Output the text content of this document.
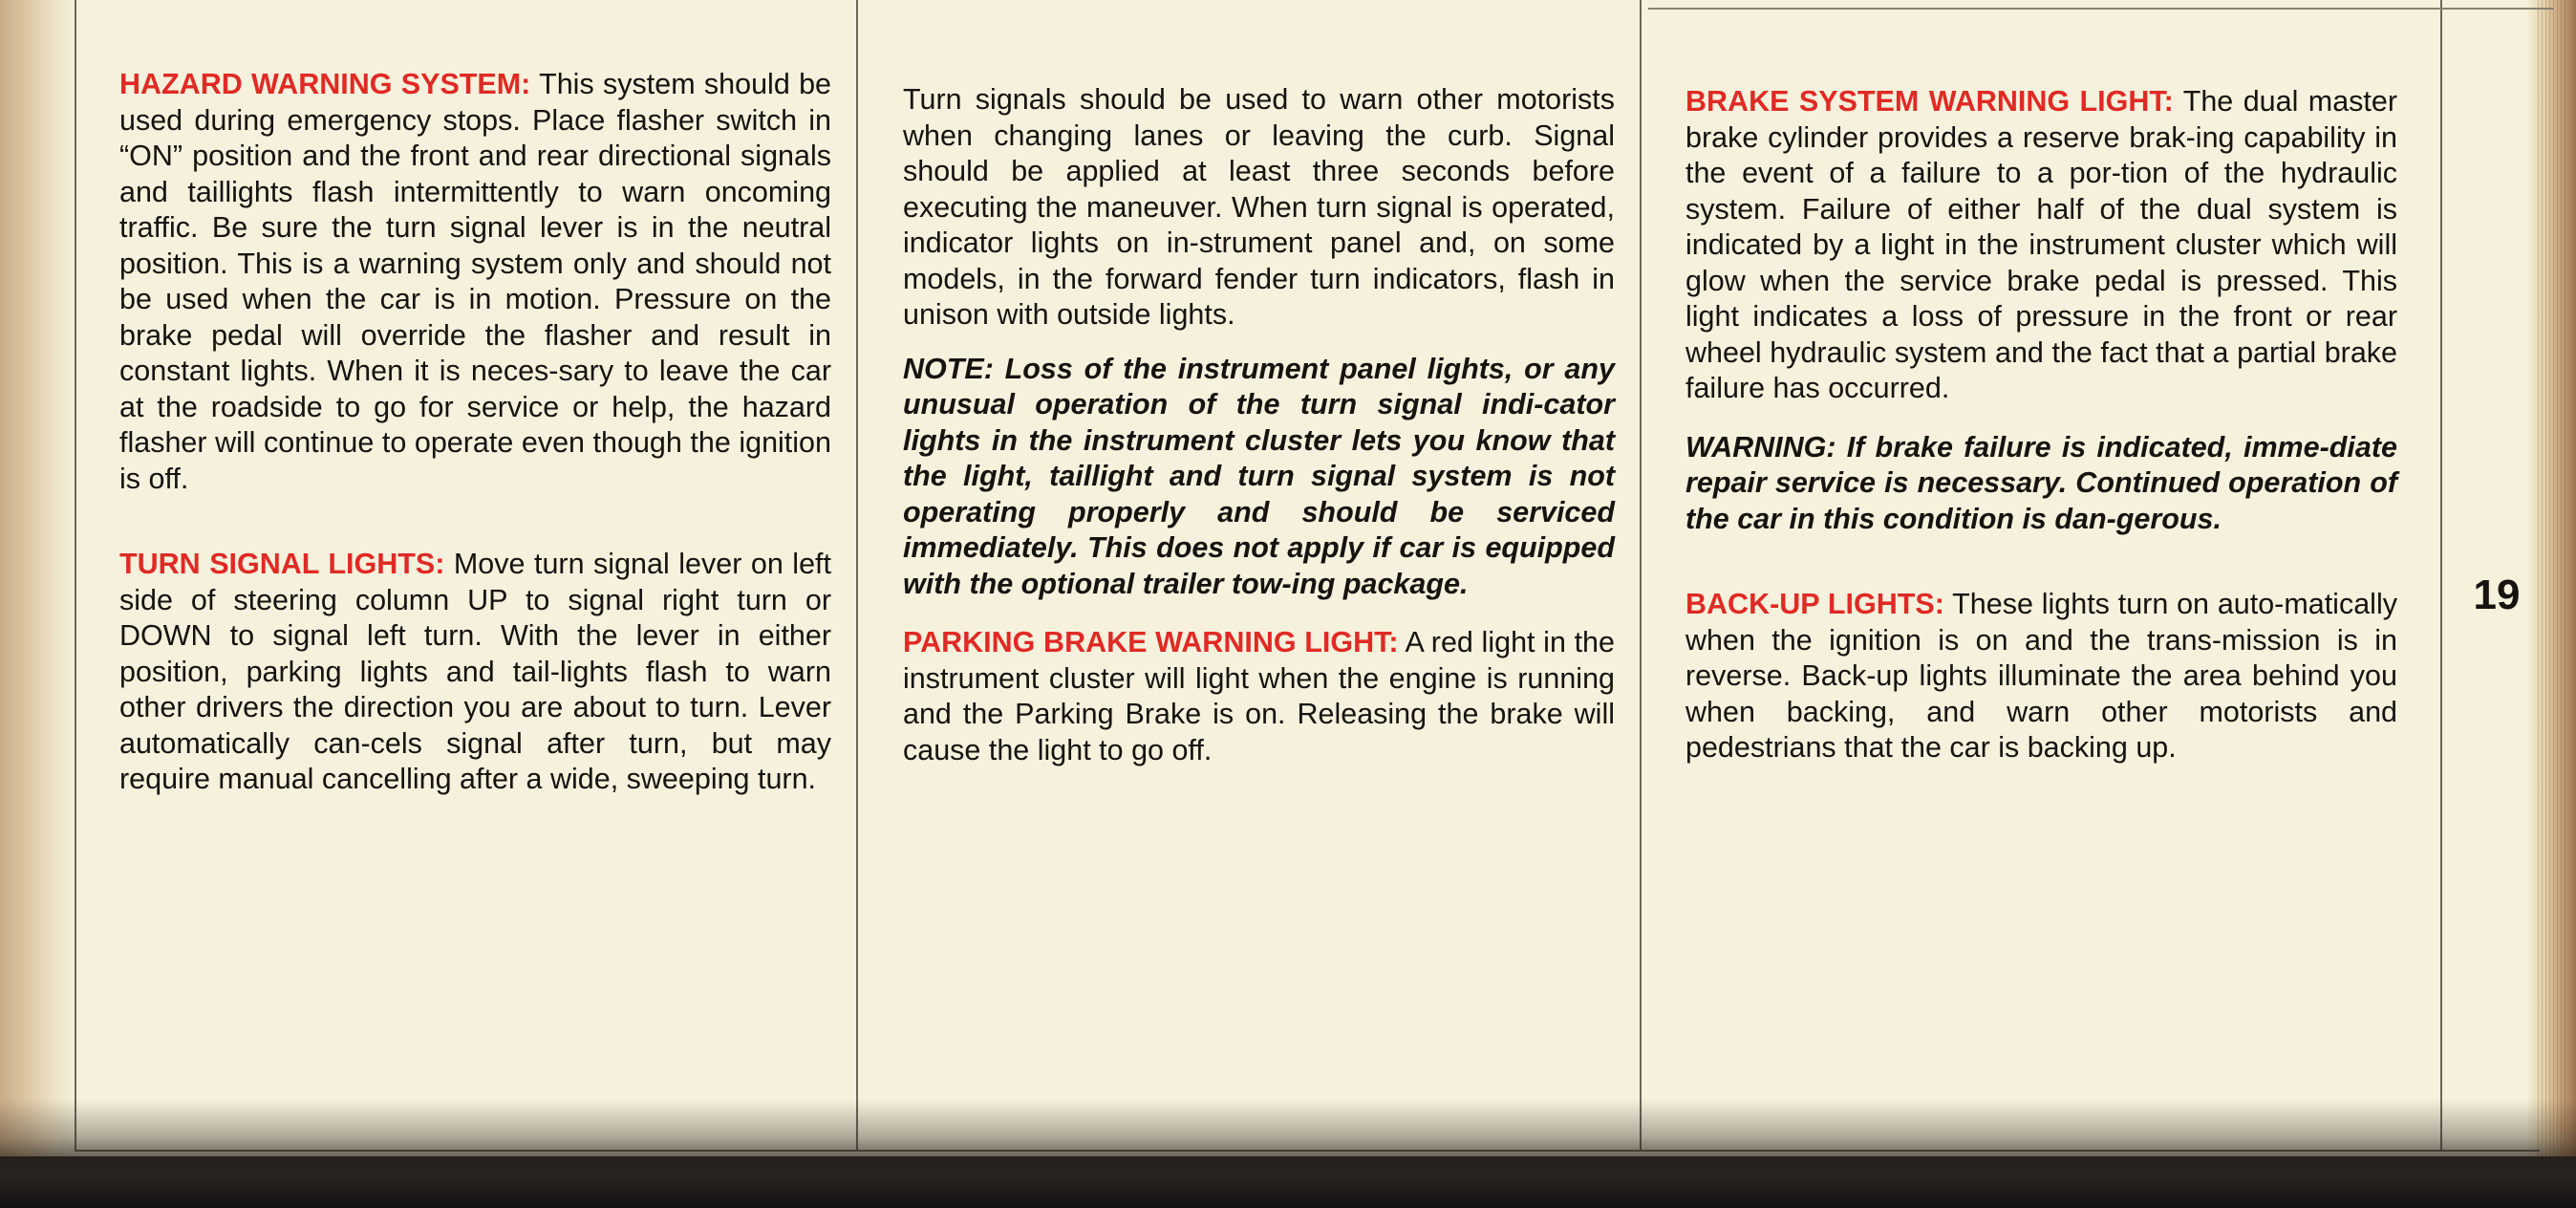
HAZARD WARNING SYSTEM: This system should be used during emergency stops. Place flasher switch in “ON” position and the front and rear directional signals and taillights flash intermittently to warn oncoming traffic. Be sure the turn signal lever is in the neutral position. This is a warning system only and should not be used when the car is in motion. Pressure on the brake pedal will override the flasher and result in constant lights. When it is neces-sary to leave the car at the roadside to go for service or help, the hazard flasher will continue to operate even though the ignition is off.

TURN SIGNAL LIGHTS: Move turn signal lever on left side of steering column UP to signal right turn or DOWN to signal left turn. With the lever in either position, parking lights and tail-lights flash to warn other drivers the direction you are about to turn. Lever automatically can-cels signal after turn, but may require manual cancelling after a wide, sweeping turn.

Turn signals should be used to warn other motorists when changing lanes or leaving the curb. Signal should be applied at least three seconds before executing the maneuver. When turn signal is operated, indicator lights on in-strument panel and, on some models, in the forward fender turn indicators, flash in unison with outside lights.

NOTE: Loss of the instrument panel lights, or any unusual operation of the turn signal indi-cator lights in the instrument cluster lets you know that the light, taillight and turn signal system is not operating properly and should be serviced immediately. This does not apply if car is equipped with the optional trailer tow-ing package.

PARKING BRAKE WARNING LIGHT: A red light in the instrument cluster will light when the engine is running and the Parking Brake is on. Releasing the brake will cause the light to go off.

BRAKE SYSTEM WARNING LIGHT: The dual master brake cylinder provides a reserve brak-ing capability in the event of a failure to a por-tion of the hydraulic system. Failure of either half of the dual system is indicated by a light in the instrument cluster which will glow when the service brake pedal is pressed. This light indicates a loss of pressure in the front or rear wheel hydraulic system and the fact that a partial brake failure has occurred.

WARNING: If brake failure is indicated, imme-diate repair service is necessary. Continued operation of the car in this condition is dan-gerous.

BACK-UP LIGHTS: These lights turn on auto-matically when the ignition is on and the trans-mission is in reverse. Back-up lights illuminate the area behind you when backing, and warn other motorists and pedestrians that the car is backing up.

19
